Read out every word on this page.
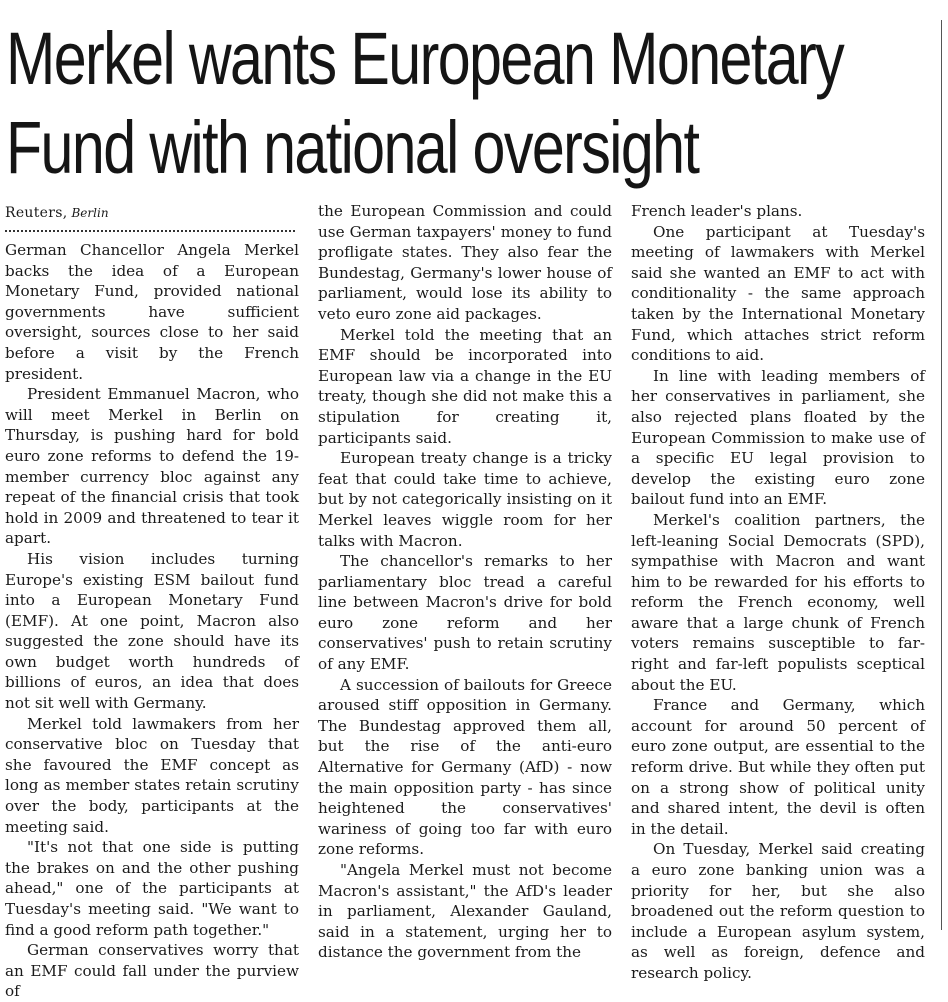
Merkel wants European Monetary Fund with national oversight
Reuters, Berlin

German Chancellor Angela Merkel backs the idea of a European Monetary Fund, provided national governments have sufficient oversight, sources close to her said before a visit by the French president.

President Emmanuel Macron, who will meet Merkel in Berlin on Thursday, is pushing hard for bold euro zone reforms to defend the 19-member currency bloc against any repeat of the financial crisis that took hold in 2009 and threatened to tear it apart.

His vision includes turning Europe's existing ESM bailout fund into a European Monetary Fund (EMF). At one point, Macron also suggested the zone should have its own budget worth hundreds of billions of euros, an idea that does not sit well with Germany.

Merkel told lawmakers from her conservative bloc on Tuesday that she favoured the EMF concept as long as member states retain scrutiny over the body, participants at the meeting said.

"It's not that one side is putting the brakes on and the other pushing ahead," one of the participants at Tuesday's meeting said. "We want to find a good reform path together."

German conservatives worry that an EMF could fall under the purview of

the European Commission and could use German taxpayers' money to fund profligate states. They also fear the Bundestag, Germany's lower house of parliament, would lose its ability to veto euro zone aid packages.

Merkel told the meeting that an EMF should be incorporated into European law via a change in the EU treaty, though she did not make this a stipulation for creating it, participants said.

European treaty change is a tricky feat that could take time to achieve, but by not categorically insisting on it Merkel leaves wiggle room for her talks with Macron.

The chancellor's remarks to her parliamentary bloc tread a careful line between Macron's drive for bold euro zone reform and her conservatives' push to retain scrutiny of any EMF.

A succession of bailouts for Greece aroused stiff opposition in Germany. The Bundestag approved them all, but the rise of the anti-euro Alternative for Germany (AfD) - now the main opposition party - has since heightened the conservatives' wariness of going too far with euro zone reforms.

"Angela Merkel must not become Macron's assistant," the AfD's leader in parliament, Alexander Gauland, said in a statement, urging her to distance the government from the

French leader's plans.

One participant at Tuesday's meeting of lawmakers with Merkel said she wanted an EMF to act with conditionality - the same approach taken by the International Monetary Fund, which attaches strict reform conditions to aid.

In line with leading members of her conservatives in parliament, she also rejected plans floated by the European Commission to make use of a specific EU legal provision to develop the existing euro zone bailout fund into an EMF.

Merkel's coalition partners, the left-leaning Social Democrats (SPD), sympathise with Macron and want him to be rewarded for his efforts to reform the French economy, well aware that a large chunk of French voters remains susceptible to far-right and far-left populists sceptical about the EU.

France and Germany, which account for around 50 percent of euro zone output, are essential to the reform drive. But while they often put on a strong show of political unity and shared intent, the devil is often in the detail.

On Tuesday, Merkel said creating a euro zone banking union was a priority for her, but she also broadened out the reform question to include a European asylum system, as well as foreign, defence and research policy.
